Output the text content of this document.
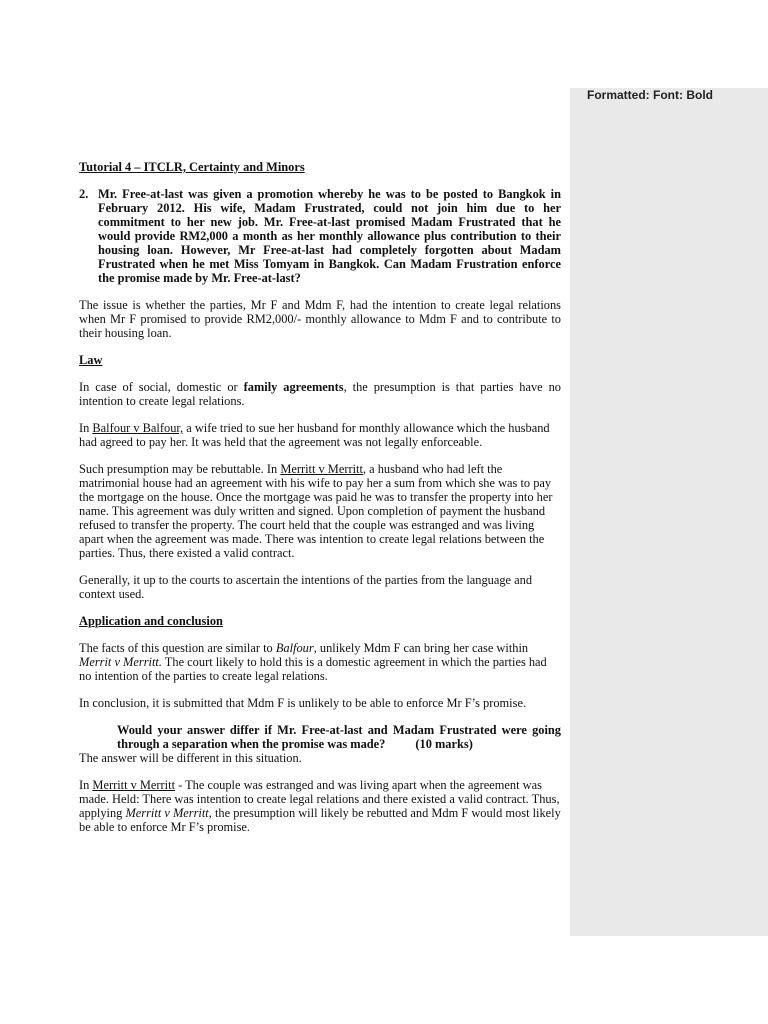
Tutorial 4 – ITCLR, Certainty and Minors
2. Mr. Free-at-last was given a promotion whereby he was to be posted to Bangkok in February 2012. His wife, Madam Frustrated, could not join him due to her commitment to her new job. Mr. Free-at-last promised Madam Frustrated that he would provide RM2,000 a month as her monthly allowance plus contribution to their housing loan. However, Mr Free-at-last had completely forgotten about Madam Frustrated when he met Miss Tomyam in Bangkok. Can Madam Frustration enforce the promise made by Mr. Free-at-last?

The issue is whether the parties, Mr F and Mdm F, had the intention to create legal relations when Mr F promised to provide RM2,000/- monthly allowance to Mdm F and to contribute to their housing loan.

Law

In case of social, domestic or family agreements, the presumption is that parties have no intention to create legal relations.

In Balfour v Balfour, a wife tried to sue her husband for monthly allowance which the husband had agreed to pay her. It was held that the agreement was not legally enforceable.

Such presumption may be rebuttable. In Merritt v Merritt, a husband who had left the matrimonial house had an agreement with his wife to pay her a sum from which she was to pay the mortgage on the house. Once the mortgage was paid he was to transfer the property into her name. This agreement was duly written and signed. Upon completion of payment the husband refused to transfer the property. The court held that the couple was estranged and was living apart when the agreement was made. There was intention to create legal relations between the parties. Thus, there existed a valid contract.

Generally, it up to the courts to ascertain the intentions of the parties from the language and context used.

Application and conclusion

The facts of this question are similar to Balfour, unlikely Mdm F can bring her case within Merrit v Merritt. The court likely to hold this is a domestic agreement in which the parties had no intention of the parties to create legal relations.

In conclusion, it is submitted that Mdm F is unlikely to be able to enforce Mr F’s promise.

Would your answer differ if Mr. Free-at-last and Madam Frustrated were going through a separation when the promise was made? (10 marks)

The answer will be different in this situation.

In Merritt v Merritt - The couple was estranged and was living apart when the agreement was made. Held: There was intention to create legal relations and there existed a valid contract. Thus, applying Merritt v Merritt, the presumption will likely be rebutted and Mdm F would most likely be able to enforce Mr F’s promise.

Formatted: Font: Bold
